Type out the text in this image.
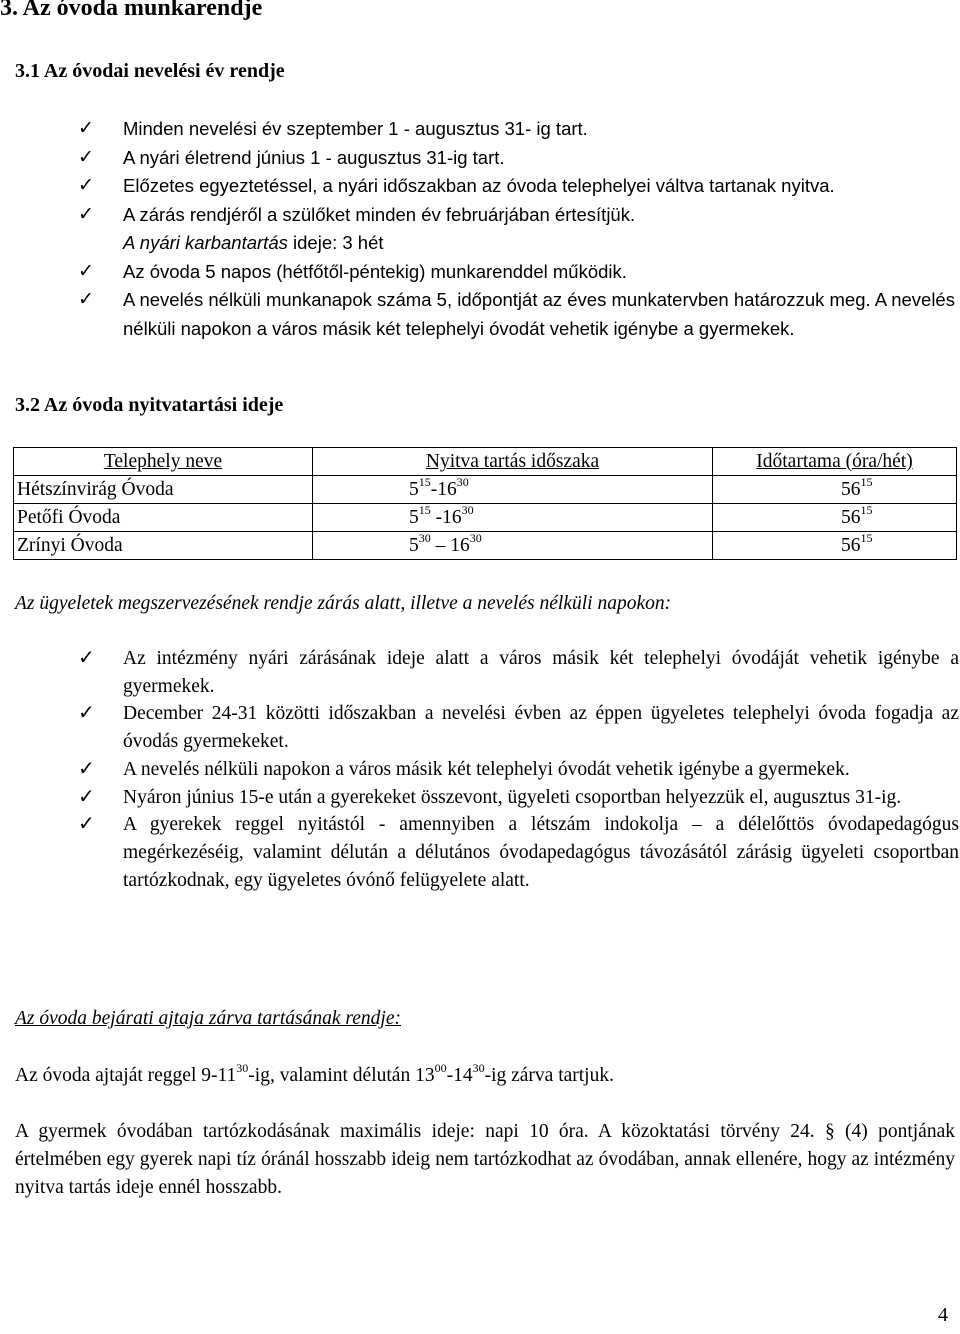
3. Az óvoda munkarendje
3.1 Az óvodai nevelési év rendje
✓ Minden nevelési év szeptember 1 - augusztus 31- ig tart.
✓ A nyári életrend június 1 - augusztus 31-ig tart.
✓ Előzetes egyeztetéssel, a nyári időszakban az óvoda telephelyei váltva tartanak nyitva.
✓ A zárás rendjéről a szülőket minden év februárjában értesítjük.
A nyári karbantartás ideje: 3 hét
✓ Az óvoda 5 napos (hétfőtől-péntekig) munkarenddel működik.
✓ A nevelés nélküli munkanapok száma 5, időpontját az éves munkatervben határozzuk meg. A nevelés nélküli napokon a város másik két telephelyi óvodát vehetik igénybe a gyermekek.
3.2 Az óvoda nyitvatartási ideje
Telephely neve	Nyitva tartás időszaka	Időtartama (óra/hét)
Hétszínvirág Óvoda	$5^{15}-16^{30}$	$56^{15}$
Petőfi Óvoda	$5^{15}$ $-16^{30}$	$56^{15}$
Zrínyi Óvoda	$5^{30} - 16^{30}$	$56^{15}$

Az ügyeletek megszervezésének rendje zárás alatt, illetve a nevelés nélküli napokon:

✓ Az intézmény nyári zárásának ideje alatt a város másik két telephelyi óvodáját vehetik igénybe a gyermekek.
✓ December 24-31 közötti időszakban a nevelési évben az éppen ügyeletes telephelyi óvoda fogadja az óvodás gyermekeket.
✓ A nevelés nélküli napokon a város másik két telephelyi óvodát vehetik igénybe a gyermekek.
✓ Nyáron június 15-e után a gyerekeket összevont, ügyeleti csoportban helyezzük el, augusztus 31-ig.
✓ A gyerekek reggel nyitástól - amennyiben a létszám indokolja – a délelőttös óvodapedagógus megérkezéséig, valamint délután a délutános óvodapedagógus távozásától zárásig ügyeleti csoportban tartózkodnak, egy ügyeletes óvónő felügyelete alatt.

Az óvoda bejárati ajtaja zárva tartásának rendje:

Az óvoda ajtaját reggel $9-11^{30}-ig$, valamint délután $13^{00}-14^{30}-ig$ zárva tartjuk.

A gyermek óvodában tartózkodásának maximális ideje: napi 10 óra. A közoktatási törvény 24. § (4) pontjának értelmében egy gyerek napi tíz óránál hosszabb ideig nem tartózkodhat az óvodában, annak ellenére, hogy az intézmény nyitva tartás ideje ennél hosszabb.

4
